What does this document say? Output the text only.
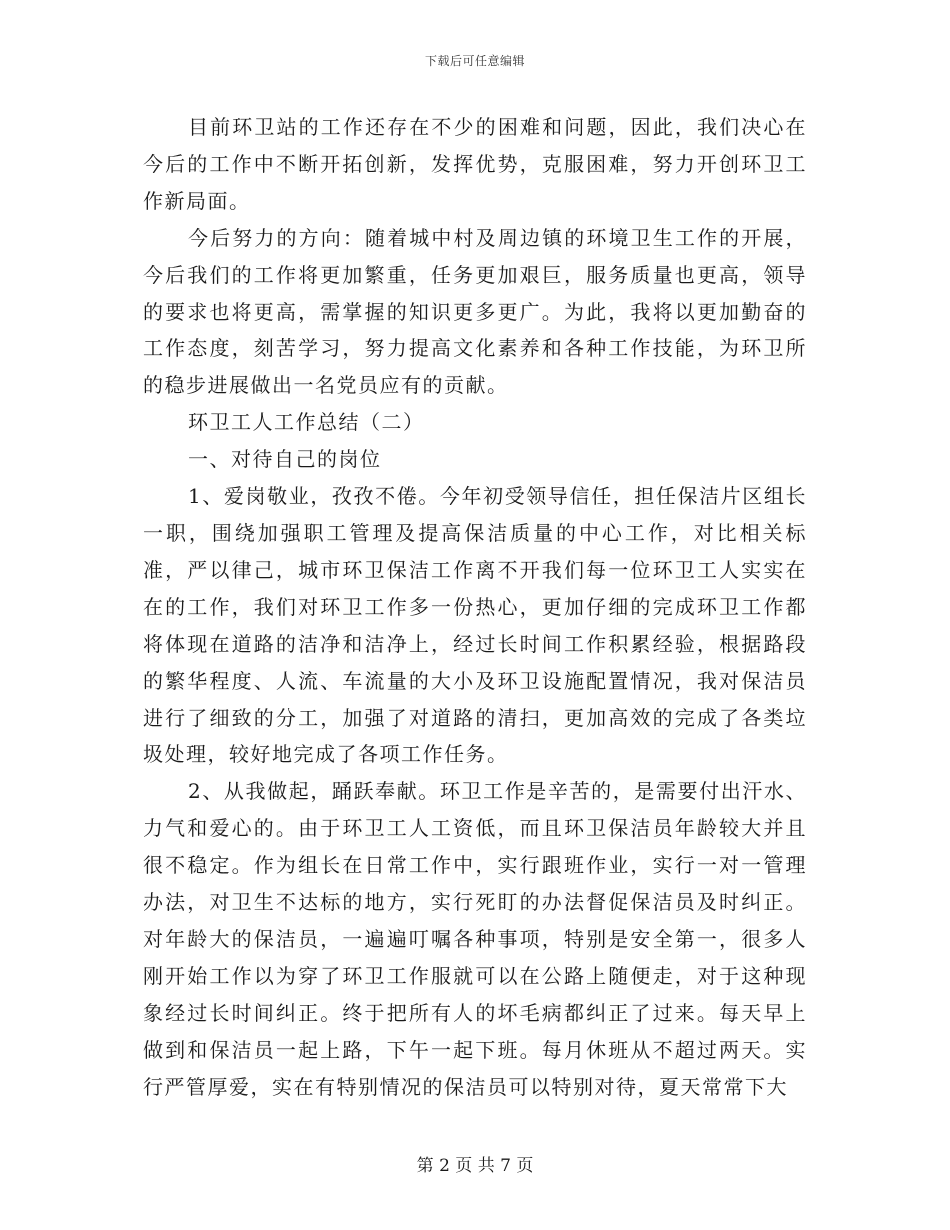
下载后可任意编辑

目前环卫站的工作还存在不少的困难和问题，因此，我们决心在今后的工作中不断开拓创新，发挥优势，克服困难，努力开创环卫工作新局面。

今后努力的方向：随着城中村及周边镇的环境卫生工作的开展，今后我们的工作将更加繁重，任务更加艰巨，服务质量也更高，领导的要求也将更高，需掌握的知识更多更广。为此，我将以更加勤奋的工作态度，刻苦学习，努力提高文化素养和各种工作技能，为环卫所的稳步进展做出一名党员应有的贡献。

环卫工人工作总结（二）

一、对待自己的岗位

1、爱岗敬业，孜孜不倦。今年初受领导信任，担任保洁片区组长一职，围绕加强职工管理及提高保洁质量的中心工作，对比相关标准，严以律己，城市环卫保洁工作离不开我们每一位环卫工人实实在在的工作，我们对环卫工作多一份热心，更加仔细的完成环卫工作都将体现在道路的洁净和洁净上，经过长时间工作积累经验，根据路段的繁华程度、人流、车流量的大小及环卫设施配置情况，我对保洁员进行了细致的分工，加强了对道路的清扫，更加高效的完成了各类垃圾处理，较好地完成了各项工作任务。

2、从我做起，踊跃奉献。环卫工作是辛苦的，是需要付出汗水、力气和爱心的。由于环卫工人工资低，而且环卫保洁员年龄较大并且很不稳定。作为组长在日常工作中，实行跟班作业，实行一对一管理办法，对卫生不达标的地方，实行死盯的办法督促保洁员及时纠正。对年龄大的保洁员，一遍遍叮嘱各种事项，特别是安全第一，很多人刚开始工作以为穿了环卫工作服就可以在公路上随便走，对于这种现象经过长时间纠正。终于把所有人的坏毛病都纠正了过来。每天早上做到和保洁员一起上路，下午一起下班。每月休班从不超过两天。实行严管厚爱，实在有特别情况的保洁员可以特别对待，夏天常常下大

第 2 页 共 7 页
